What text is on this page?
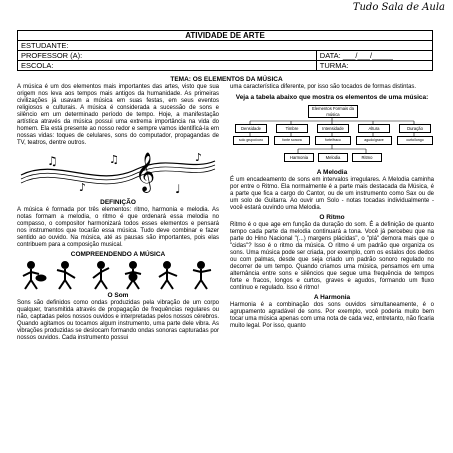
Tudo Sala de Aula
ATIVIDADE DE ARTE	
ESTUDANTE:	
PROFESSOR (A):	DATA: ___/___/_____
ESCOLA:	TURMA:
TEMA: OS ELEMENTOS DA MÚSICA

A música é um dos elementos mais importantes das artes, visto que sua origem nos leva aos tempos mais antigos da humanidade. As primeiras civilizações já usavam a música em suas festas, em seus eventos religiosos e culturais. A música é considerada a sucessão de sons e silêncio em um determinado período de tempo. Hoje, a manifestação artística através da música possui uma extrema importância na vida do homem. Ela está presente ao nosso redor e sempre vamos identificá-la em nossas vidas: toques de celulares, sons do computador, propagandas de TV, teatros, dentre outros.

𝄞
♫
♪
♫
♩
♪
DEFINIÇÃO

A música é formada por três elementos: ritmo, harmonia e melodia. As notas formam a melodia, o ritmo é que ordenará essa melodia no compasso, o compositor harmonizará todos esses elementos e pensará nos instrumentos que tocarão essa música. Tudo deve combinar e fazer sentido ao ouvido. Na música, até as pausas são importantes, pois elas contribuem para a composição musical.

COMPREENDENDO A MÚSICA
O Som

Sons são definidos como ondas produzidas pela vibração de um corpo qualquer, transmitida através de propagação de frequências regulares ou não, captadas pelos nossos ouvidos e interpretadas pelos nossos cérebros. Quando agitamos ou tocamos algum instrumento, uma parte dele vibra. As vibrações produzidas se deslocam formando ondas sonoras capturadas por nossos ouvidos. Cada instrumento possui

uma característica diferente, por isso são tocados de formas distintas.

Veja a tabela abaixo que mostra os elementos de uma música:
Elementos Formais da música
Densidade	Timbre	Intensidade	Altura	Duração
solo grupo/coro	fonte sonora	forte/fraco	agudo/grave	curto/longo
Harmonia	Melodia	Ritmo
A Melodia

É um encadeamento de sons em intervalos irregulares. A Melodia caminha por entre o Ritmo. Ela normalmente é a parte mais destacada da Música, é a parte que fica a cargo do Cantor, ou de um instrumento como Sax ou de um solo de Guitarra. Ao ouvir um Solo - notas tocadas individualmente - você estará ouvindo uma Melodia.

O Ritmo

Ritmo é o que age em função da duração do som. É a definição de quanto tempo cada parte da melodia continuará a tona. Você já percebeu que na parte do Hino Nacional "(...) margens plácidas", o "plá" demora mais que o "cidas"? Isso é o ritmo da música. O ritmo é um padrão que organiza os sons. Uma música pode ser criada, por exemplo, com os estalos dos dedos ou com palmas, desde que seja criado um padrão sonoro regulado no decorrer de um tempo. Quando criamos uma música, pensamos em uma alternância entre sons e silêncios que segue uma frequência de tempos forte e fracos, longos e curtos, graves e agudos, formando um fluxo contínuo e regulado. Isso é ritmo!

A Harmonia

Harmonia é a combinação dos sons ouvidos simultaneamente, é o agrupamento agradável de sons. Por exemplo, você poderia muito bem tocar uma música apenas com uma nota de cada vez, entretanto, não ficaria muito legal. Por isso, quanto
